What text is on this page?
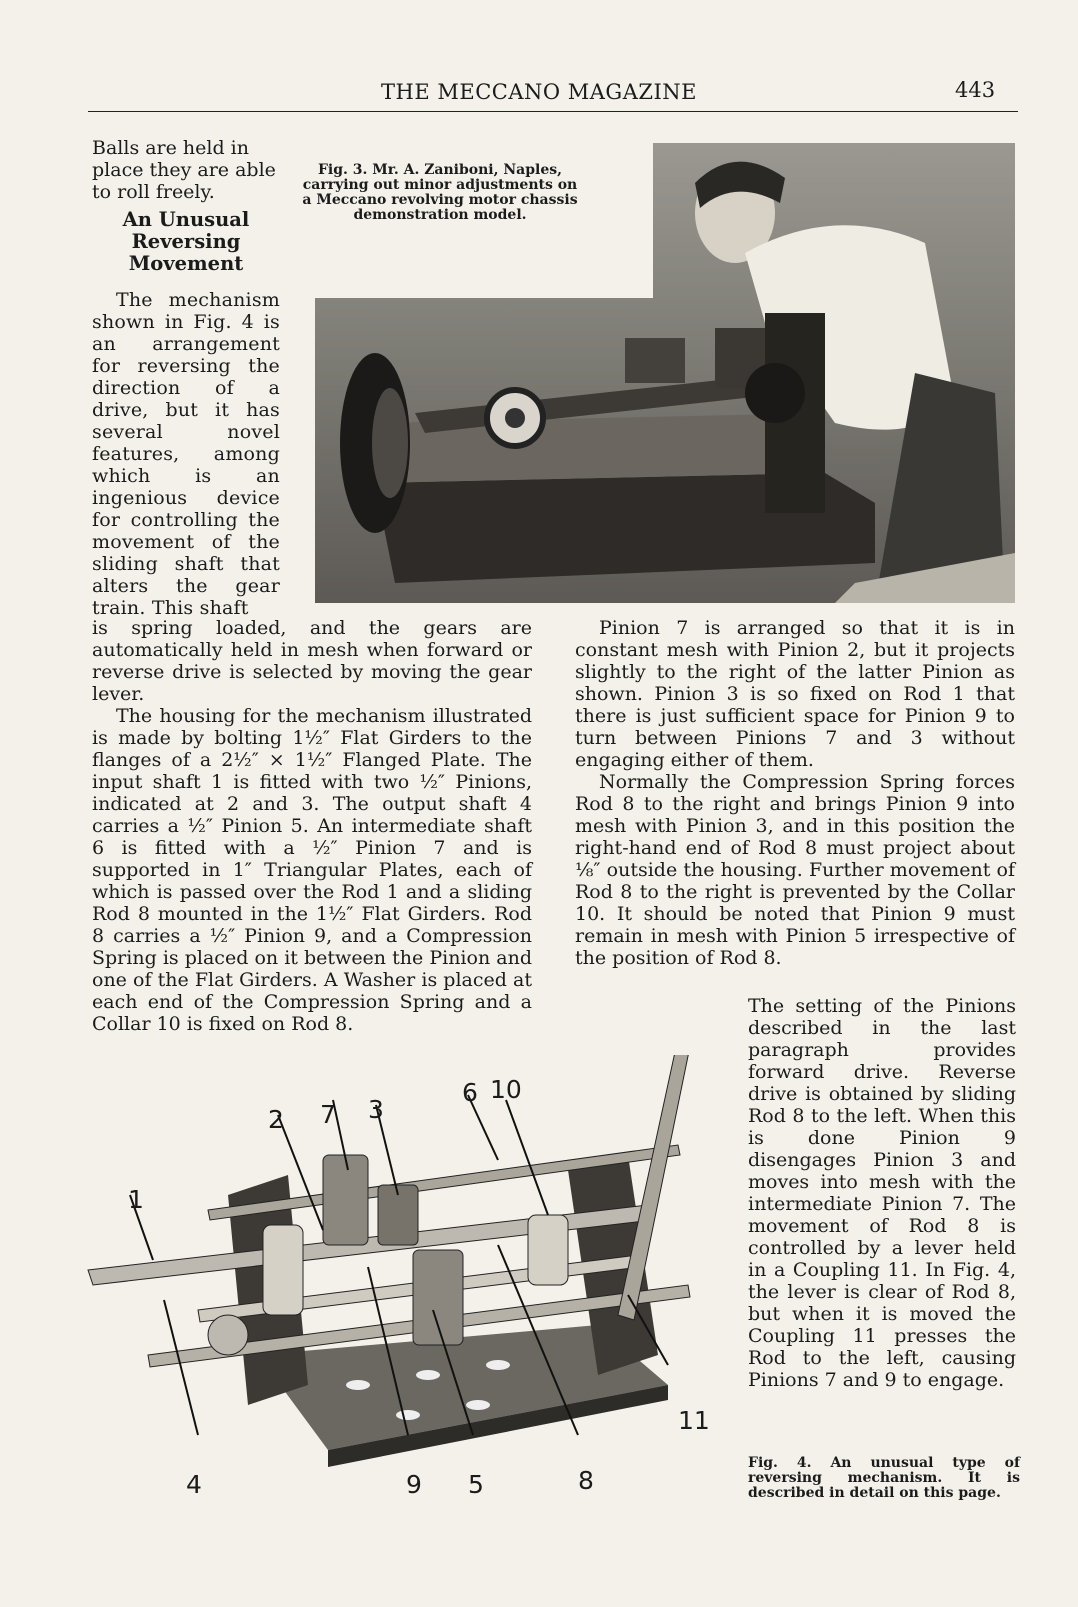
THE MECCANO MAGAZINE	443
Fig. 3. Mr. A. Zaniboni, Naples, carrying out minor adjustments on a Meccano revolving motor chassis demonstration model.

Balls are held in place they are able to roll freely.

An Unusual Reversing Movement

The mechanism shown in Fig. 4 is an arrangement for reversing the direction of a drive, but it has several novel features, among which is an ingenious device for controlling the movement of the sliding shaft that alters the gear train. This shaft

is spring loaded, and the gears are automatically held in mesh when forward or reverse drive is selected by moving the gear lever.

The housing for the mechanism illustrated is made by bolting 1½″ Flat Girders to the flanges of a 2½″ × 1½″ Flanged Plate. The input shaft 1 is fitted with two ½″ Pinions, indicated at 2 and 3. The output shaft 4 carries a ½″ Pinion 5. An intermediate shaft 6 is fitted with a ½″ Pinion 7 and is supported in 1″ Triangular Plates, each of which is passed over the Rod 1 and a sliding Rod 8 mounted in the 1½″ Flat Girders. Rod 8 carries a ½″ Pinion 9, and a Compression Spring is placed on it between the Pinion and one of the Flat Girders. A Washer is placed at each end of the Compression Spring and a Collar 10 is fixed on Rod 8.

Pinion 7 is arranged so that it is in constant mesh with Pinion 2, but it projects slightly to the right of the latter Pinion as shown. Pinion 3 is so fixed on Rod 1 that there is just sufficient space for Pinion 9 to turn between Pinions 7 and 3 without engaging either of them.

Normally the Compression Spring forces Rod 8 to the right and brings Pinion 9 into mesh with Pinion 3, and in this position the right-hand end of Rod 8 must project about ⅛″ outside the housing. Further movement of Rod 8 to the right is prevented by the Collar 10. It should be noted that Pinion 9 must remain in mesh with Pinion 5 irrespective of the position of Rod 8.

The setting of the Pinions described in the last paragraph provides forward drive. Reverse drive is obtained by sliding Rod 8 to the left. When this is done Pinion 9 disengages Pinion 3 and moves into mesh with the intermediate Pinion 7. The movement of Rod 8 is controlled by a lever held in a Coupling 11. In Fig. 4, the lever is clear of Rod 8, but when it is moved the Coupling 11 presses the Rod to the left, causing Pinions 7 and 9 to engage.
1
2 7 3
6 10
4	9 5	8
11
Fig. 4. An unusual type of reversing mechanism. It is described in detail on this page.
